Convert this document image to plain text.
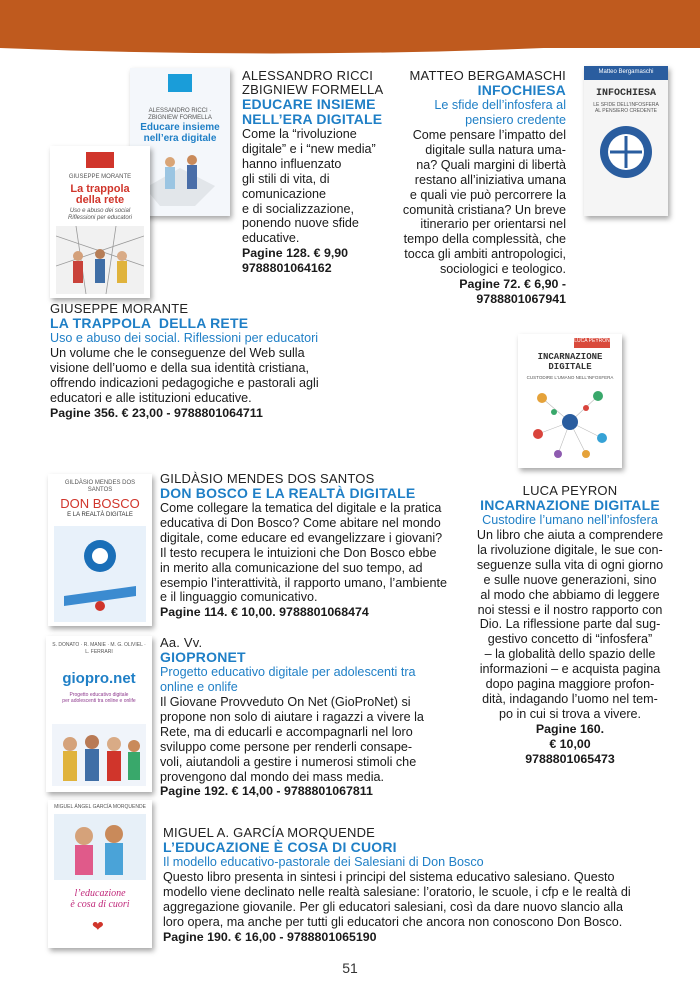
ALESSANDRO RICCI · ZBIGNIEW FORMELLA
Educare insieme
nell’era digitale
GIUSEPPE MORANTE
La trappola
della rete
Uso e abuso dei social
Riflessioni per educatori
Matteo Bergamaschi
INFOCHIESA
LE SFIDE DELL’INFOSFERA
AL PENSIERO CREDENTE
LUCA PEYRON
INCARNAZIONE
DIGITALE
CUSTODIRE L’UMANO NELL’INFOSFERA
GILDÀSIO MENDES DOS SANTOS
DON BOSCO
E LA REALTÀ DIGITALE
S. DONATO · R. MANIE · M. G. OLIVIEL · L. FERRARI
giopro.net
Progetto educativo digitale
per adolescenti tra online e onlife
MIGUEL ÁNGEL GARCÍA MORQUENDE
l’educazione
è cosa di cuori
❤
ALESSANDRO RICCI
ZBIGNIEW FORMELLA
EDUCARE INSIEME
NELL’ERA DIGITALE

Come la “rivoluzione
digitale” e i “new media”
hanno influenzato
gli stili di vita, di
comunicazione
e di socializzazione,
ponendo nuove sfide
educative.

Pagine 128. € 9,90
9788801064162
MATTEO BERGAMASCHI
INFOCHIESA
Le sfide dell’infosfera al
pensiero credente

Come pensare l’impatto del
digitale sulla natura uma-
na? Quali margini di libertà
restano all’iniziativa umana
e quali vie può percorrere la
comunità cristiana? Un breve
itinerario per orientarsi nel
tempo della complessità, che
tocca gli ambiti antropologici,
sociologici e teologico.

Pagine 72. € 6,90 -
9788801067941
GIUSEPPE MORANTE
LA TRAPPOLA  DELLA RETE
Uso e abuso dei social. Riflessioni per educatori

Un volume che le conseguenze del Web sulla
visione dell’uomo e della sua identità cristiana,
offrendo indicazioni pedagogiche e pastorali agli
educatori e alle istituzioni educative.

Pagine 356. € 23,00 - 9788801064711
GILDÀSIO MENDES DOS SANTOS
DON BOSCO E LA REALTÀ DIGITALE

Come collegare la tematica del digitale e la pratica
educativa di Don Bosco? Come abitare nel mondo
digitale, come educare ed evangelizzare i giovani?
Il testo recupera le intuizioni che Don Bosco ebbe
in merito alla comunicazione del suo tempo, ad
esempio l’interattività, il rapporto umano, l’ambiente
e il linguaggio comunicativo.

Pagine 114. € 10,00. 9788801068474
Aa. Vv.
GIOPRONET
Progetto educativo digitale per adolescenti tra
online e onlife

Il Giovane Provveduto On Net (GioProNet) si
propone non solo di aiutare i ragazzi a vivere la
Rete, ma di educarli e accompagnarli nel loro
sviluppo come persone per renderli consape-
voli, aiutandoli a gestire i numerosi stimoli che
provengono dal mondo dei mass media.

Pagine 192. € 14,00 - 9788801067811
LUCA PEYRON
INCARNAZIONE DIGITALE
Custodire l’umano nell’infosfera

Un libro che aiuta a comprendere
la rivoluzione digitale, le sue con-
seguenze sulla vita di ogni giorno
e sulle nuove generazioni, sino
al modo che abbiamo di leggere
noi stessi e il nostro rapporto con
Dio. La riflessione parte dal sug-
gestivo concetto di “infosfera”
– la globalità dello spazio delle
informazioni – e acquista pagina
dopo pagina maggiore profon-
dità, indagando l’uomo nel tem-
po in cui si trova a vivere.

Pagine 160.
€ 10,00
9788801065473
MIGUEL A. GARCÍA MORQUENDE
L’EDUCAZIONE È COSA DI CUORI
Il modello educativo-pastorale dei Salesiani di Don Bosco

Questo libro presenta in sintesi i principi del sistema educativo salesiano. Questo
modello viene declinato nelle realtà salesiane: l’oratorio, le scuole, i cfp e le realtà di
aggregazione giovanile. Per gli educatori salesiani, così da dare nuovo slancio alla
loro opera, ma anche per tutti gli educatori che ancora non conoscono Don Bosco.

Pagine 190. € 16,00 - 9788801065190
51
